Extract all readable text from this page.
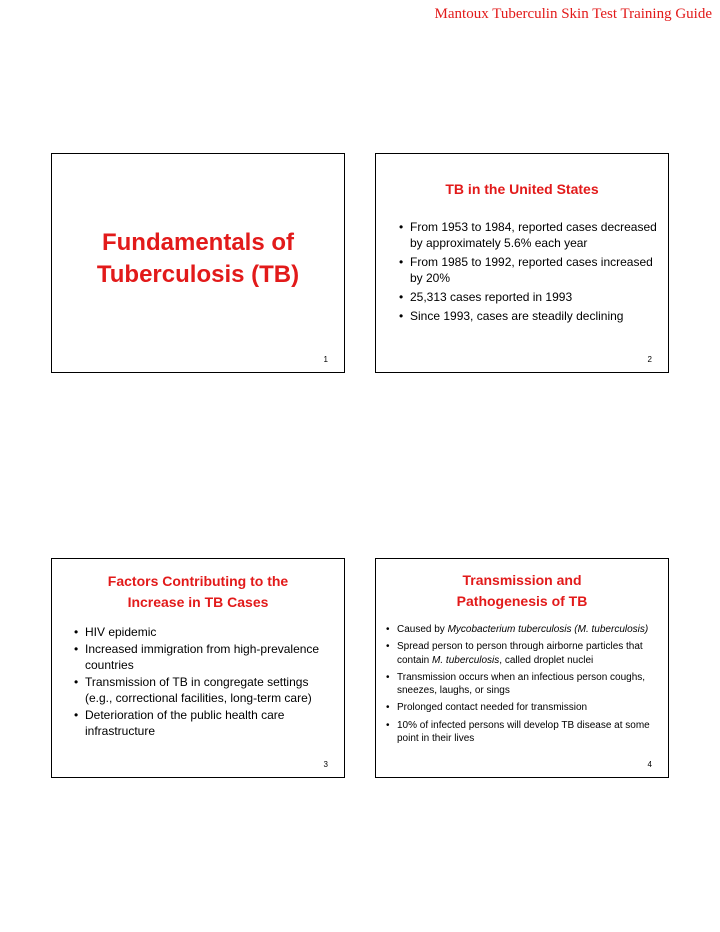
Mantoux Tuberculin Skin Test Training Guide
Fundamentals of
Tuberculosis (TB)
1
TB in the United States
• From 1953 to 1984, reported cases decreased by approximately 5.6% each year
• From 1985 to 1992, reported cases increased by 20%
• 25,313 cases reported in 1993
• Since 1993, cases are steadily declining
2
Factors Contributing to the
Increase in TB Cases
• HIV epidemic
• Increased immigration from high-prevalence countries
• Transmission of TB in congregate settings (e.g., correctional facilities, long-term care)
• Deterioration of the public health care infrastructure
3
Transmission and
Pathogenesis of TB
• Caused by Mycobacterium tuberculosis (M. tuberculosis)
• Spread person to person through airborne particles that contain M. tuberculosis, called droplet nuclei
• Transmission occurs when an infectious person coughs, sneezes, laughs, or sings
• Prolonged contact needed for transmission
• 10% of infected persons will develop TB disease at some point in their lives
4
